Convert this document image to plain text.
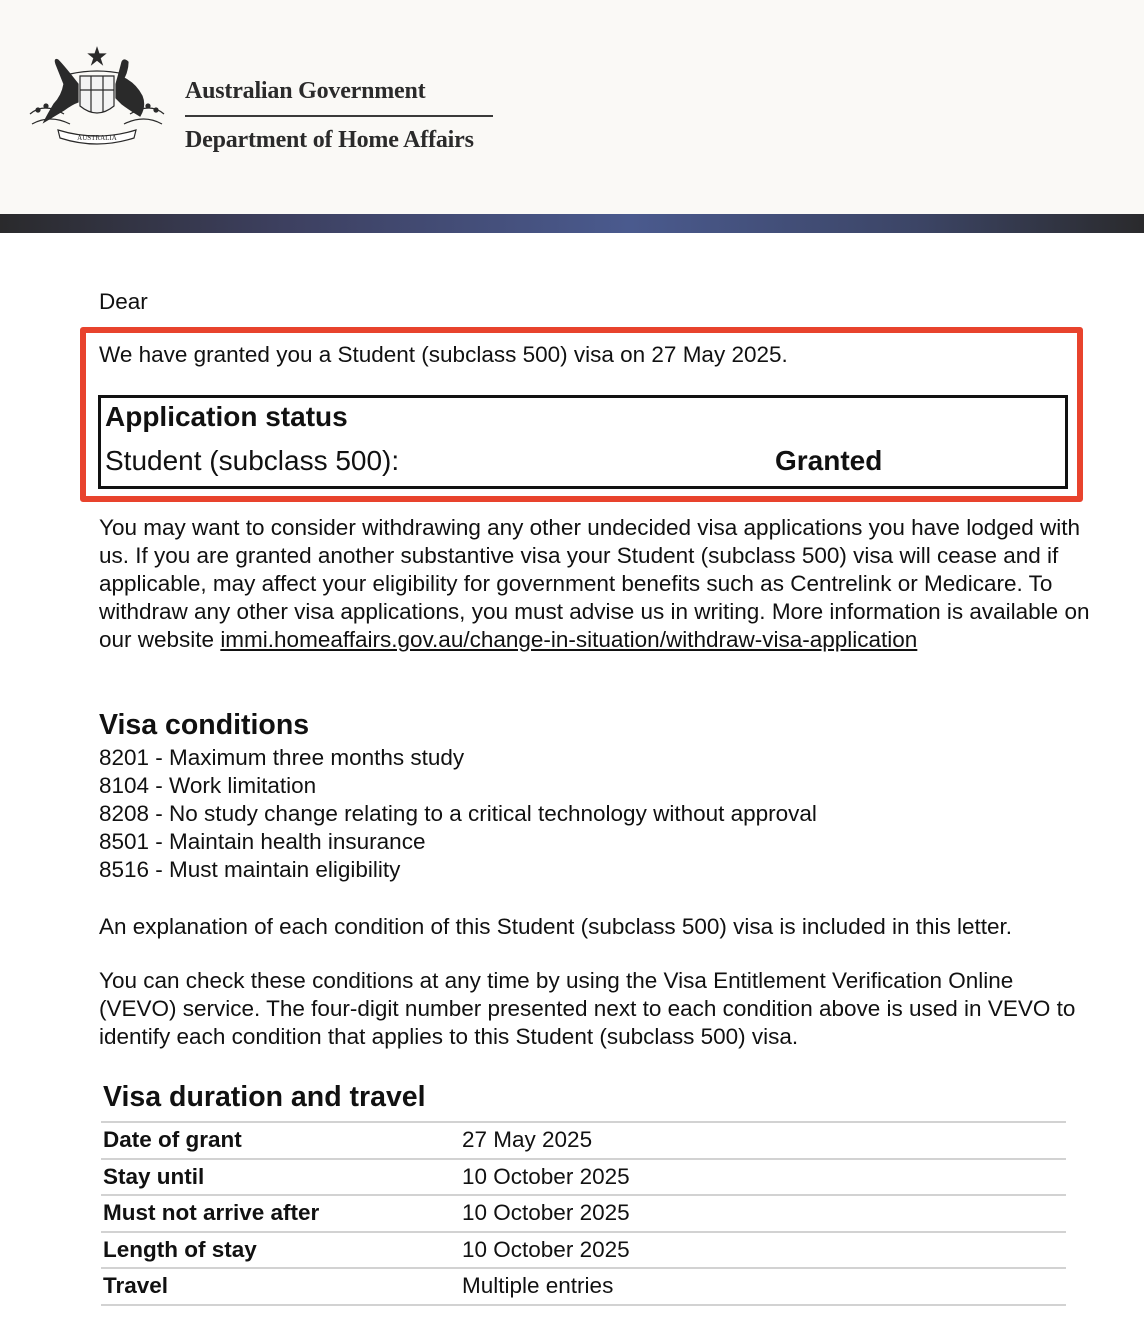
AUSTRALIA
Australian Government
Department of Home Affairs
Dear
We have granted you a Student (subclass 500) visa on 27 May 2025.
Application status
Student (subclass 500):	Granted
You may want to consider withdrawing any other undecided visa applications you have lodged with us. If you are granted another substantive visa your Student (subclass 500) visa will cease and if applicable, may affect your eligibility for government benefits such as Centrelink or Medicare. To withdraw any other visa applications, you must advise us in writing. More information is available on our website immi.homeaffairs.gov.au/change-in-situation/withdraw-visa-application
Visa conditions
8201 - Maximum three months study
8104 - Work limitation
8208 - No study change relating to a critical technology without approval
8501 - Maintain health insurance
8516 - Must maintain eligibility
An explanation of each condition of this Student (subclass 500) visa is included in this letter.
You can check these conditions at any time by using the Visa Entitlement Verification Online (VEVO) service. The four-digit number presented next to each condition above is used in VEVO to identify each condition that applies to this Student (subclass 500) visa.
Visa duration and travel
Date of grant	27 May 2025
Stay until	10 October 2025
Must not arrive after	10 October 2025
Length of stay	10 October 2025
Travel	Multiple entries
